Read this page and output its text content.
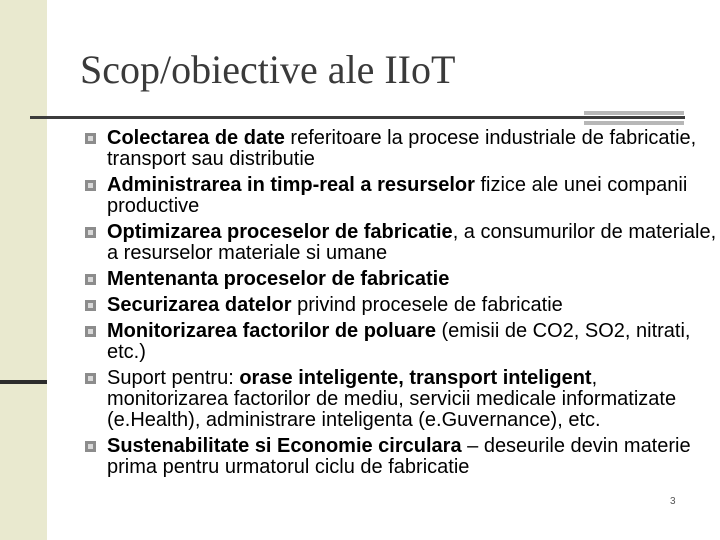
Scop/obiective ale IIoT
Colectarea de date referitoare la procese industriale de fabricatie, transport sau distributie
Administrarea in timp-real a resurselor fizice ale unei companii productive
Optimizarea proceselor de fabricatie, a consumurilor de materiale, a resurselor materiale si umane
Mentenanta proceselor de fabricatie
Securizarea datelor privind procesele de fabricatie
Monitorizarea factorilor de poluare (emisii de CO2, SO2, nitrati, etc.)
Suport pentru: orase inteligente, transport inteligent, monitorizarea factorilor de mediu, servicii medicale informatizate (e.Health), administrare inteligenta (e.Guvernance), etc.
Sustenabilitate si Economie circulara – deseurile devin materie prima pentru urmatorul ciclu de fabricatie
3
